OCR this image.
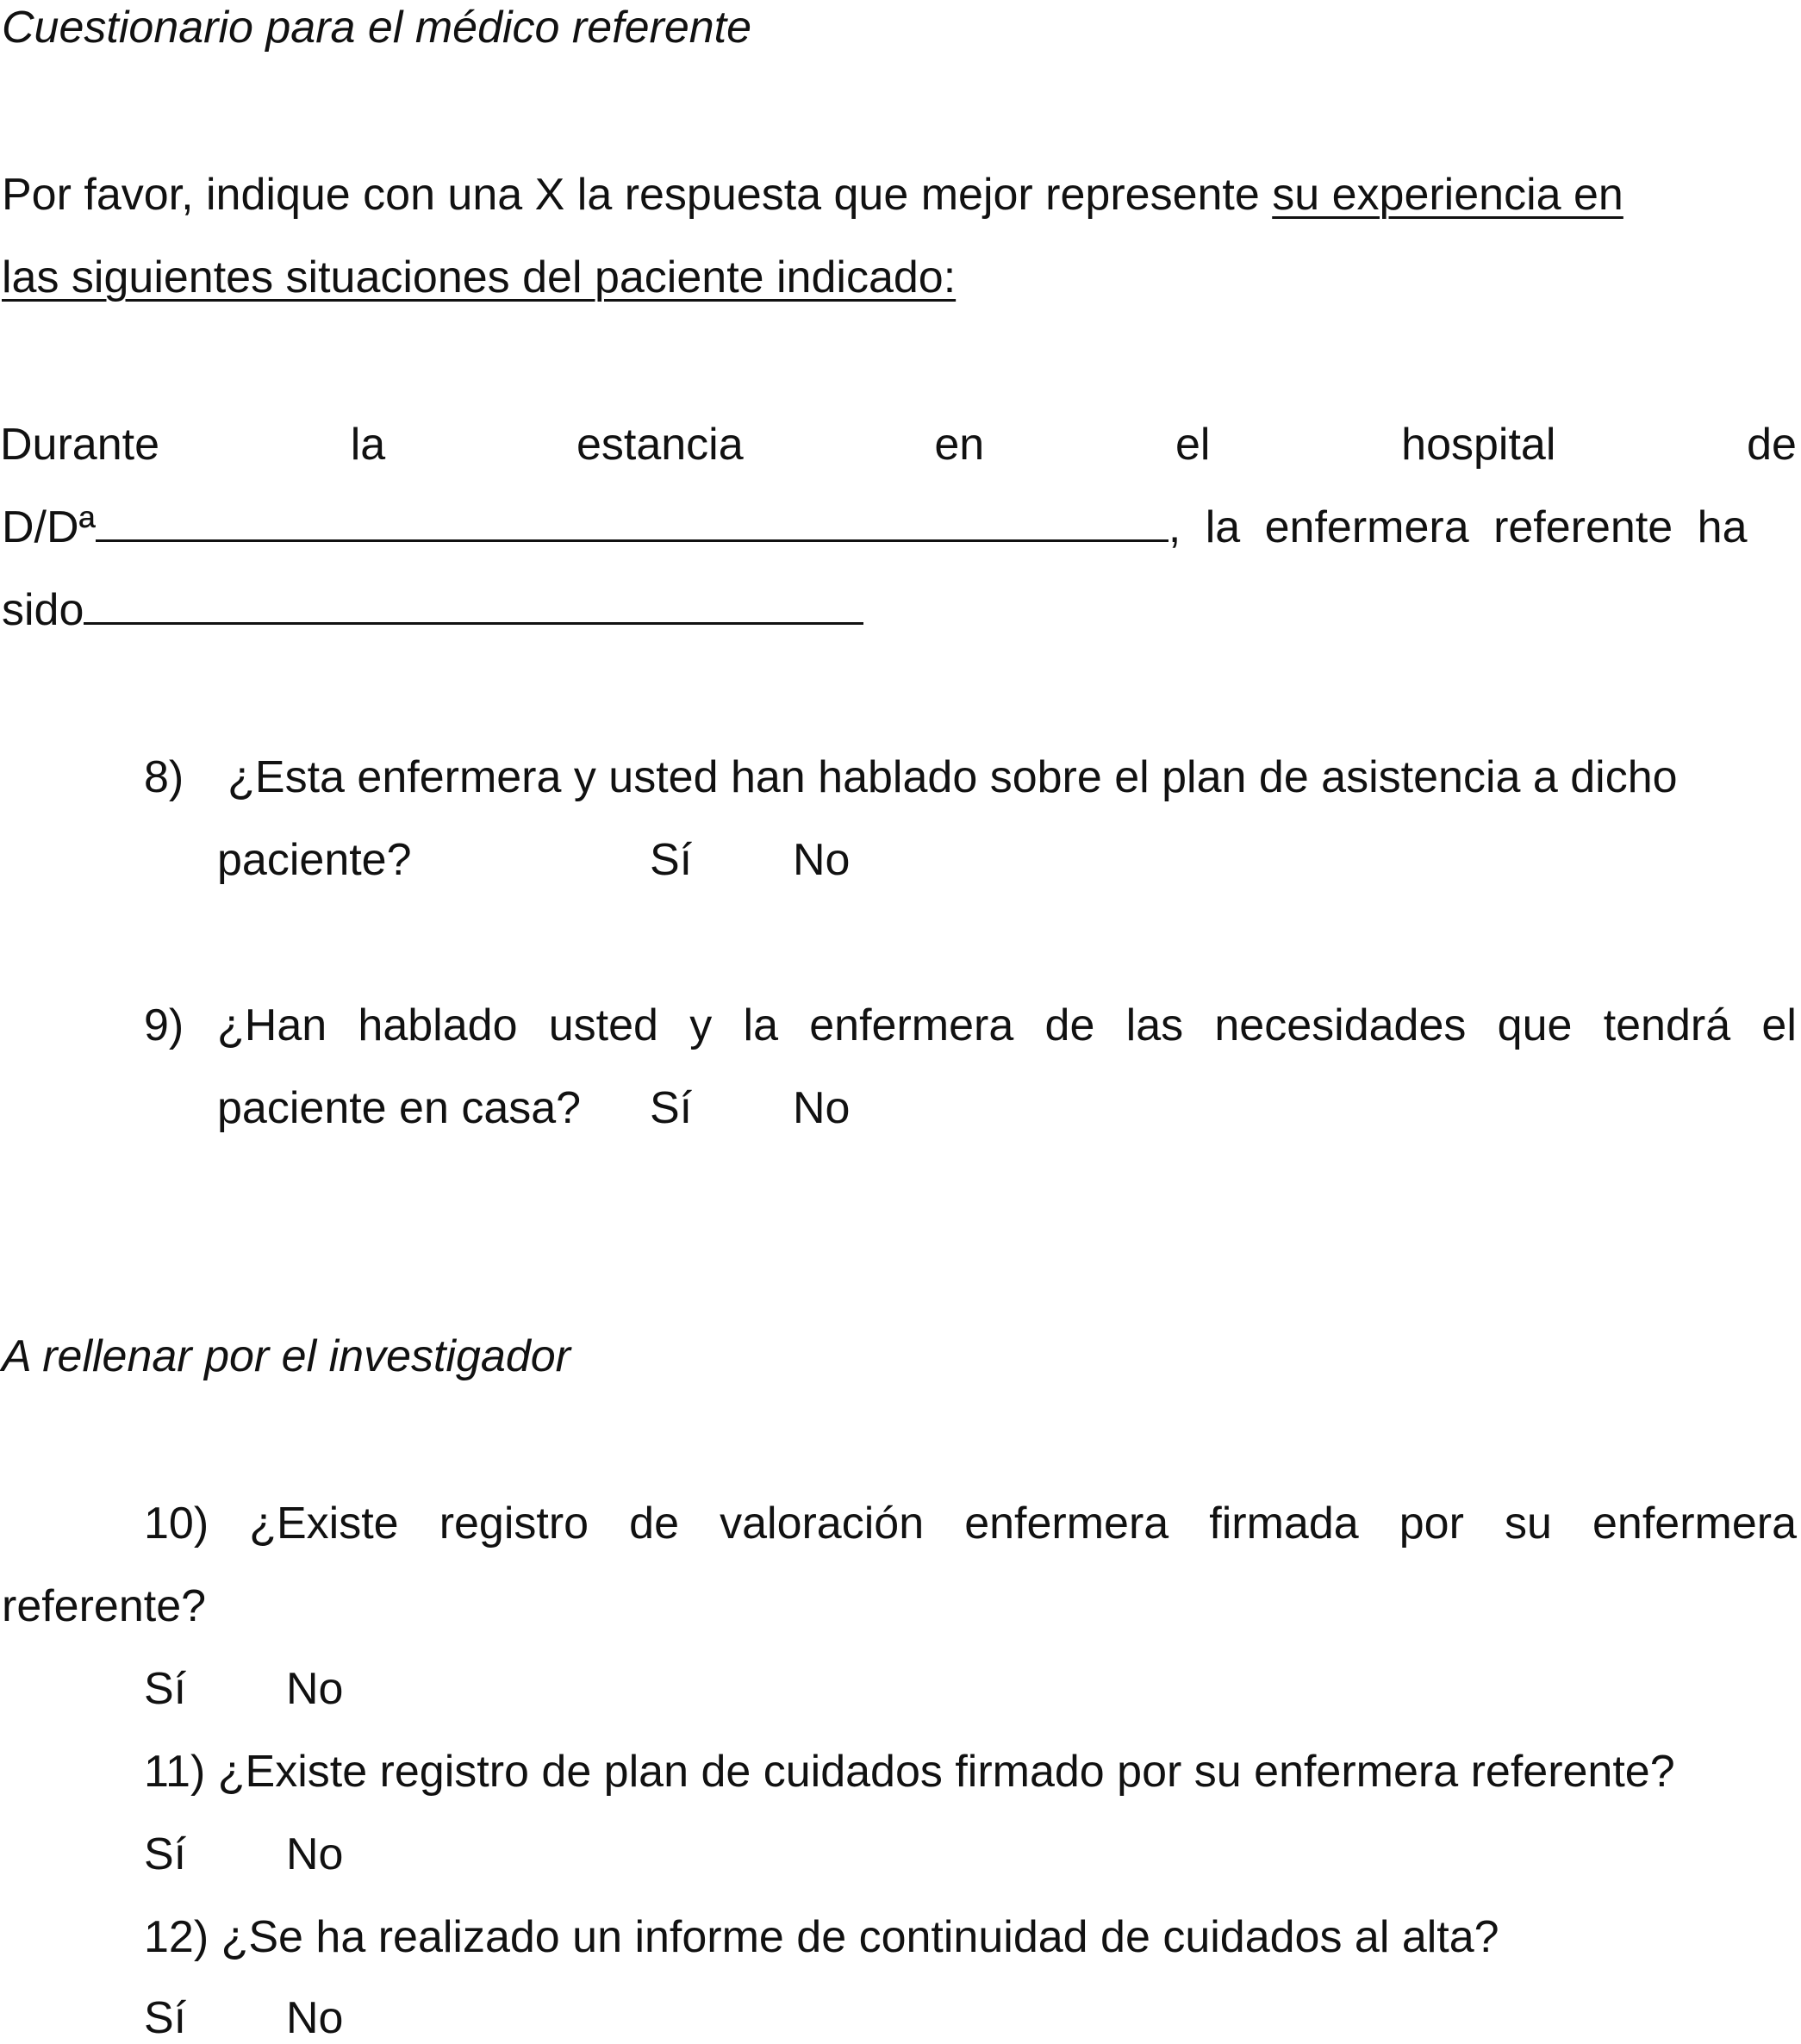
Cuestionario para el médico referente
Por favor, indique con una X la respuesta que mejor represente su experiencia en
las siguientes situaciones del paciente indicado:
Durante	la	estancia	en	el	hospital	de
D/Dª	, la enfermera referente ha
sido
8) ¿Esta enfermera y usted han hablado sobre el plan de asistencia a dicho
paciente?	Sí No
9) ¿Han hablado usted y la enfermera de las necesidades que tendrá el
paciente en casa? Sí No
A rellenar por el investigador
10) ¿Existe registro de valoración enfermera firmada por su enfermera
referente?
Sí No
11) ¿Existe registro de plan de cuidados firmado por su enfermera referente?
Sí No
12) ¿Se ha realizado un informe de continuidad de cuidados al alta?
Sí No
